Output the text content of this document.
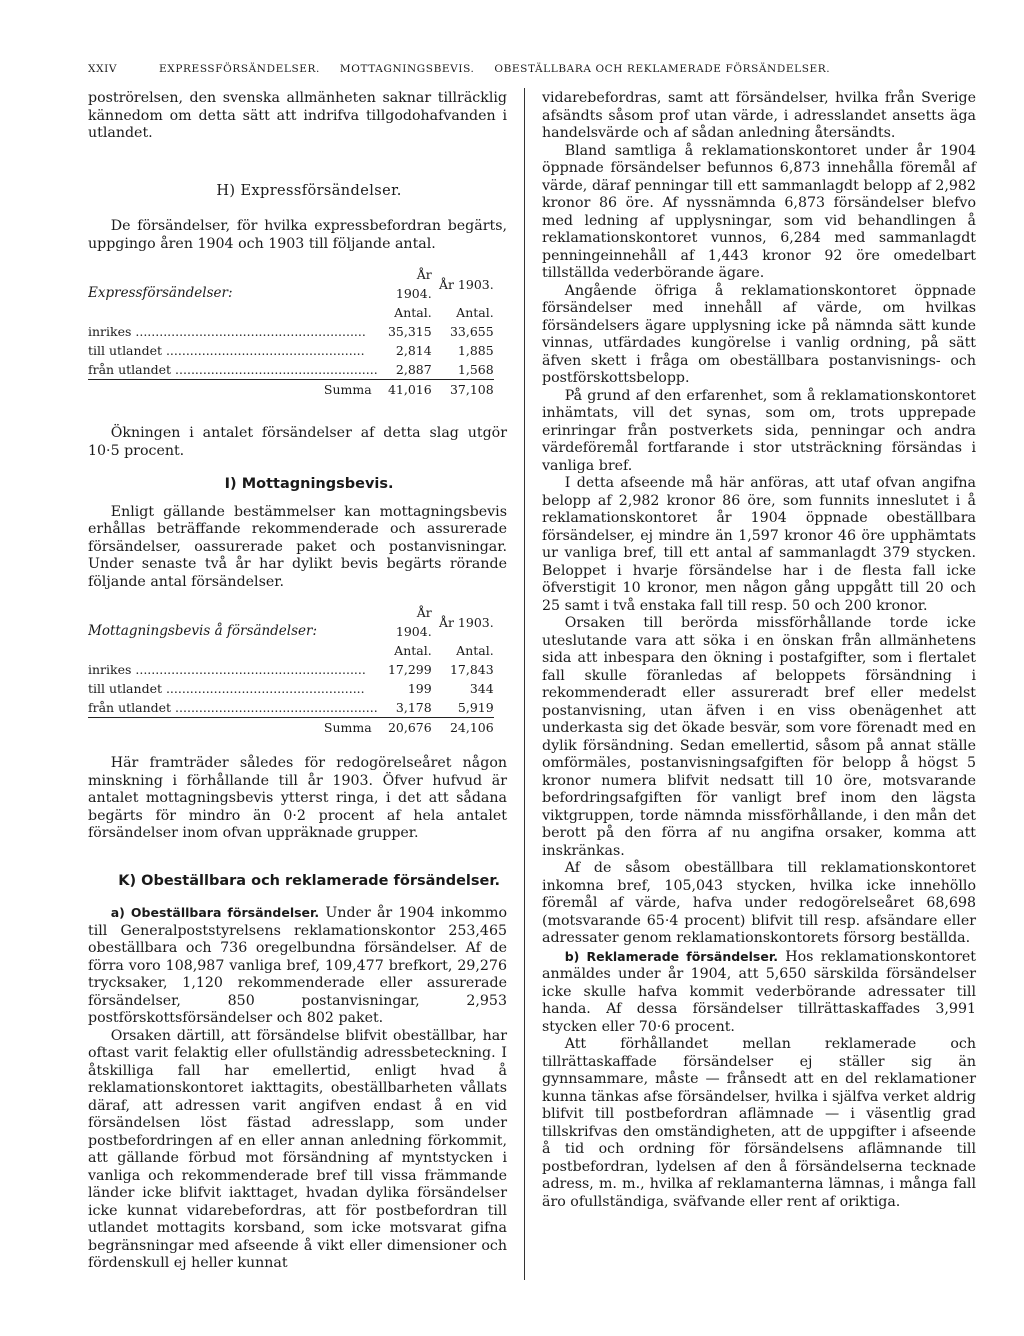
XXIV	EXPRESSFÖRSÄNDELSER. MOTTAGNINGSBEVIS. OBESTÄLLBARA OCH REKLAMERADE FÖRSÄNDELSER.

poströrelsen, den svenska allmänheten saknar tillräcklig kännedom om detta sätt att indrifva tillgodohafvanden i utlandet.

H) Expressförsändelser.

De försändelser, för hvilka expressbefordran begärts, uppgingo åren 1904 och 1903 till följande antal.

Expressförsändelser:	År 1904.	År 1903.
	Antal.	Antal.
inrikes ..........................................................	35,315	33,655
till utlandet ..................................................	2,814	1,885
från utlandet ...................................................	2,887	1,568
Summa	41,016	37,108

Ökningen i antalet försändelser af detta slag utgör 10·5 procent.

I) Mottagningsbevis.

Enligt gällande bestämmelser kan mottagningsbevis erhållas beträffande rekommenderade och assurerade försändelser, oassurerade paket och postanvisningar. Under senaste två år har dylikt bevis begärts rörande följande antal försändelser.

Mottagningsbevis å försändelser:	År 1904.	År 1903.
	Antal.	Antal.
inrikes ..........................................................	17,299	17,843
till utlandet ..................................................	199	344
från utlandet ...................................................	3,178	5,919
Summa	20,676	24,106

Här framträder således för redogörelseåret någon minskning i förhållande till år 1903. Öfver hufvud är antalet mottagningsbevis ytterst ringa, i det att sådana begärts för mindro än 0·2 procent af hela antalet försändelser inom ofvan uppräknade grupper.

K) Obeställbara och reklamerade försändelser.

a) Obeställbara försändelser. Under år 1904 inkommo till Generalpoststyrelsens reklamationskontor 253,465 obeställbara och 736 oregelbundna försändelser. Af de förra voro 108,987 vanliga bref, 109,477 brefkort, 29,276 trycksaker, 1,120 rekommenderade eller assurerade försändelser, 850 postanvisningar, 2,953 postförskottsförsändelser och 802 paket.

Orsaken därtill, att försändelse blifvit obeställbar, har oftast varit felaktig eller ofullständig adressbeteckning. I åtskilliga fall har emellertid, enligt hvad å reklamationskontoret iakttagits, obeställbarheten vållats däraf, att adressen varit angifven endast å en vid försändelsen löst fästad adresslapp, som under postbefordringen af en eller annan anledning förkommit, att gällande förbud mot försändning af myntstycken i vanliga och rekommenderade bref till vissa främmande länder icke blifvit iakttaget, hvadan dylika försändelser icke kunnat vidarebefordras, att för postbefordran till utlandet mottagits korsband, som icke motsvarat gifna begränsningar med afseende å vikt eller dimensioner och fördenskull ej heller kunnat

vidarebefordras, samt att försändelser, hvilka från Sverige afsändts såsom prof utan värde, i adresslandet ansetts äga handelsvärde och af sådan anledning återsändts.

Bland samtliga å reklamationskontoret under år 1904 öppnade försändelser befunnos 6,873 innehålla föremål af värde, däraf penningar till ett sammanlagdt belopp af 2,982 kronor 86 öre. Af nyssnämnda 6,873 försändelser blefvo med ledning af upplysningar, som vid behandlingen å reklamationskontoret vunnos, 6,284 med sammanlagdt penningeinnehåll af 1,443 kronor 92 öre omedelbart tillställda vederbörande ägare.

Angående öfriga å reklamationskontoret öppnade försändelser med innehåll af värde, om hvilkas försändelsers ägare upplysning icke på nämnda sätt kunde vinnas, utfärdades kungörelse i vanlig ordning, på sätt äfven skett i fråga om obeställbara postanvisnings- och postförskottsbelopp.

På grund af den erfarenhet, som å reklamationskontoret inhämtats, vill det synas, som om, trots upprepade erinringar från postverkets sida, penningar och andra värdeföremål fortfarande i stor utsträckning försändas i vanliga bref.

I detta afseende må här anföras, att utaf ofvan angifna belopp af 2,982 kronor 86 öre, som funnits inneslutet i å reklamationskontoret år 1904 öppnade obeställbara försändelser, ej mindre än 1,597 kronor 46 öre upphämtats ur vanliga bref, till ett antal af sammanlagdt 379 stycken. Beloppet i hvarje försändelse har i de flesta fall icke öfverstigit 10 kronor, men någon gång uppgått till 20 och 25 samt i två enstaka fall till resp. 50 och 200 kronor.

Orsaken till berörda missförhållande torde icke uteslutande vara att söka i en önskan från allmänhetens sida att inbespara den ökning i postafgifter, som i flertalet fall skulle föranledas af beloppets försändning i rekommenderadt eller assureradt bref eller medelst postanvisning, utan äfven i en viss obenägenhet att underkasta sig det ökade besvär, som vore förenadt med en dylik försändning. Sedan emellertid, såsom på annat ställe omförmäles, postanvisningsafgiften för belopp å högst 5 kronor numera blifvit nedsatt till 10 öre, motsvarande befordringsafgiften för vanligt bref inom den lägsta viktgruppen, torde nämnda missförhållande, i den mån det berott på den förra af nu angifna orsaker, komma att inskränkas.

Af de såsom obeställbara till reklamationskontoret inkomna bref, 105,043 stycken, hvilka icke innehöllo föremål af värde, hafva under redogörelseåret 68,698 (motsvarande 65·4 procent) blifvit till resp. afsändare eller adressater genom reklamationskontorets försorg beställda.

b) Reklamerade försändelser. Hos reklamationskontoret anmäldes under år 1904, att 5,650 särskilda försändelser icke skulle hafva kommit vederbörande adressater till handa. Af dessa försändelser tillrättaskaffades 3,991 stycken eller 70·6 procent.

Att förhållandet mellan reklamerade och tillrättaskaffade försändelser ej ställer sig än gynnsammare, måste — frånsedt att en del reklamationer kunna tänkas afse försändelser, hvilka i själfva verket aldrig blifvit till postbefordran aflämnade — i väsentlig grad tillskrifvas den omständigheten, att de uppgifter i afseende å tid och ordning för försändelsens aflämnande till postbefordran, lydelsen af den å försändelserna tecknade adress, m. m., hvilka af reklamanterna lämnas, i många fall äro ofullständiga, sväfvande eller rent af oriktiga.
